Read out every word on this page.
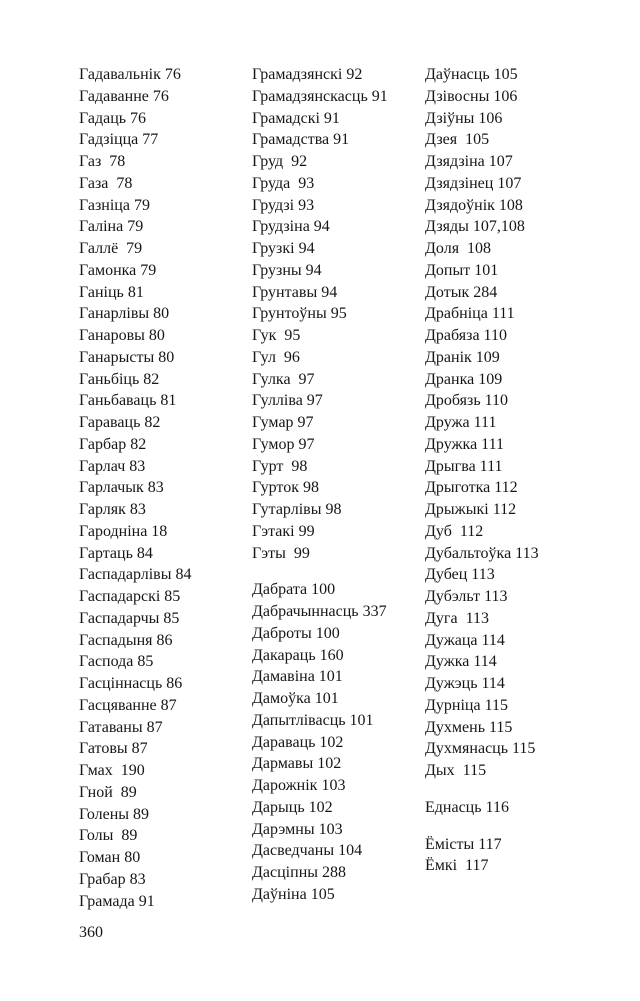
Гадавальнік 76
Гадаванне 76
Гадаць 76
Гадзіцца 77
Газ  78
Газа  78
Газніца 79
Галіна 79
Галлё  79
Гамонка 79
Ганіць 81
Ганарлівы 80
Ганаровы 80
Ганарысты 80
Ганьбіць 82
Ганьбаваць 81
Гараваць 82
Гарбар 82
Гарлач 83
Гарлачык 83
Гарляк 83
Гародніна 18
Гартаць 84
Гаспадарлівы 84
Гаспадарскі 85
Гаспадарчы 85
Гаспадыня 86
Гаспода 85
Гасціннасць 86
Гасцяванне 87
Гатаваны 87
Гатовы 87
Гмах  190
Гной  89
Голены 89
Голы  89
Гоман 80
Грабар 83
Грамада 91
Грамадзянскі 92
Грамадзянскасць 91
Грамадскі 91
Грамадства 91
Груд  92
Груда  93
Грудзі 93
Грудзіна 94
Грузкі 94
Грузны 94
Грунтавы 94
Грунтоўны 95
Гук  95
Гул  96
Гулка  97
Гулліва 97
Гумар 97
Гумор 97
Гурт  98
Гурток 98
Гутарлівы 98
Гэтакі 99
Гэты  99
Дабрата 100
Дабрачыннасць 337
Даброты 100
Дакараць 160
Дамавіна 101
Дамоўка 101
Дапытлівасць 101
Дараваць 102
Дармавы 102
Дарожнік 103
Дарыць 102
Дарэмны 103
Дасведчаны 104
Дасціпны 288
Даўніна 105
Даўнасць 105
Дзівосны 106
Дзіўны 106
Дзея  105
Дзядзіна 107
Дзядзінец 107
Дзядоўнік 108
Дзяды 107,108
Доля  108
Допыт 101
Дотык 284
Драбніца 111
Драбяза 110
Дранік 109
Дранка 109
Дробязь 110
Дружа 111
Дружка 111
Дрыгва 111
Дрыготка 112
Дрыжыкі 112
Дуб  112
Дубальтоўка 113
Дубец 113
Дубэльт 113
Дуга  113
Дужаца 114
Дужка 114
Дужэць 114
Дурніца 115
Духмень 115
Духмянасць 115
Дых  115
Еднасць 116
Ёмісты 117
Ёмкі  117
360
